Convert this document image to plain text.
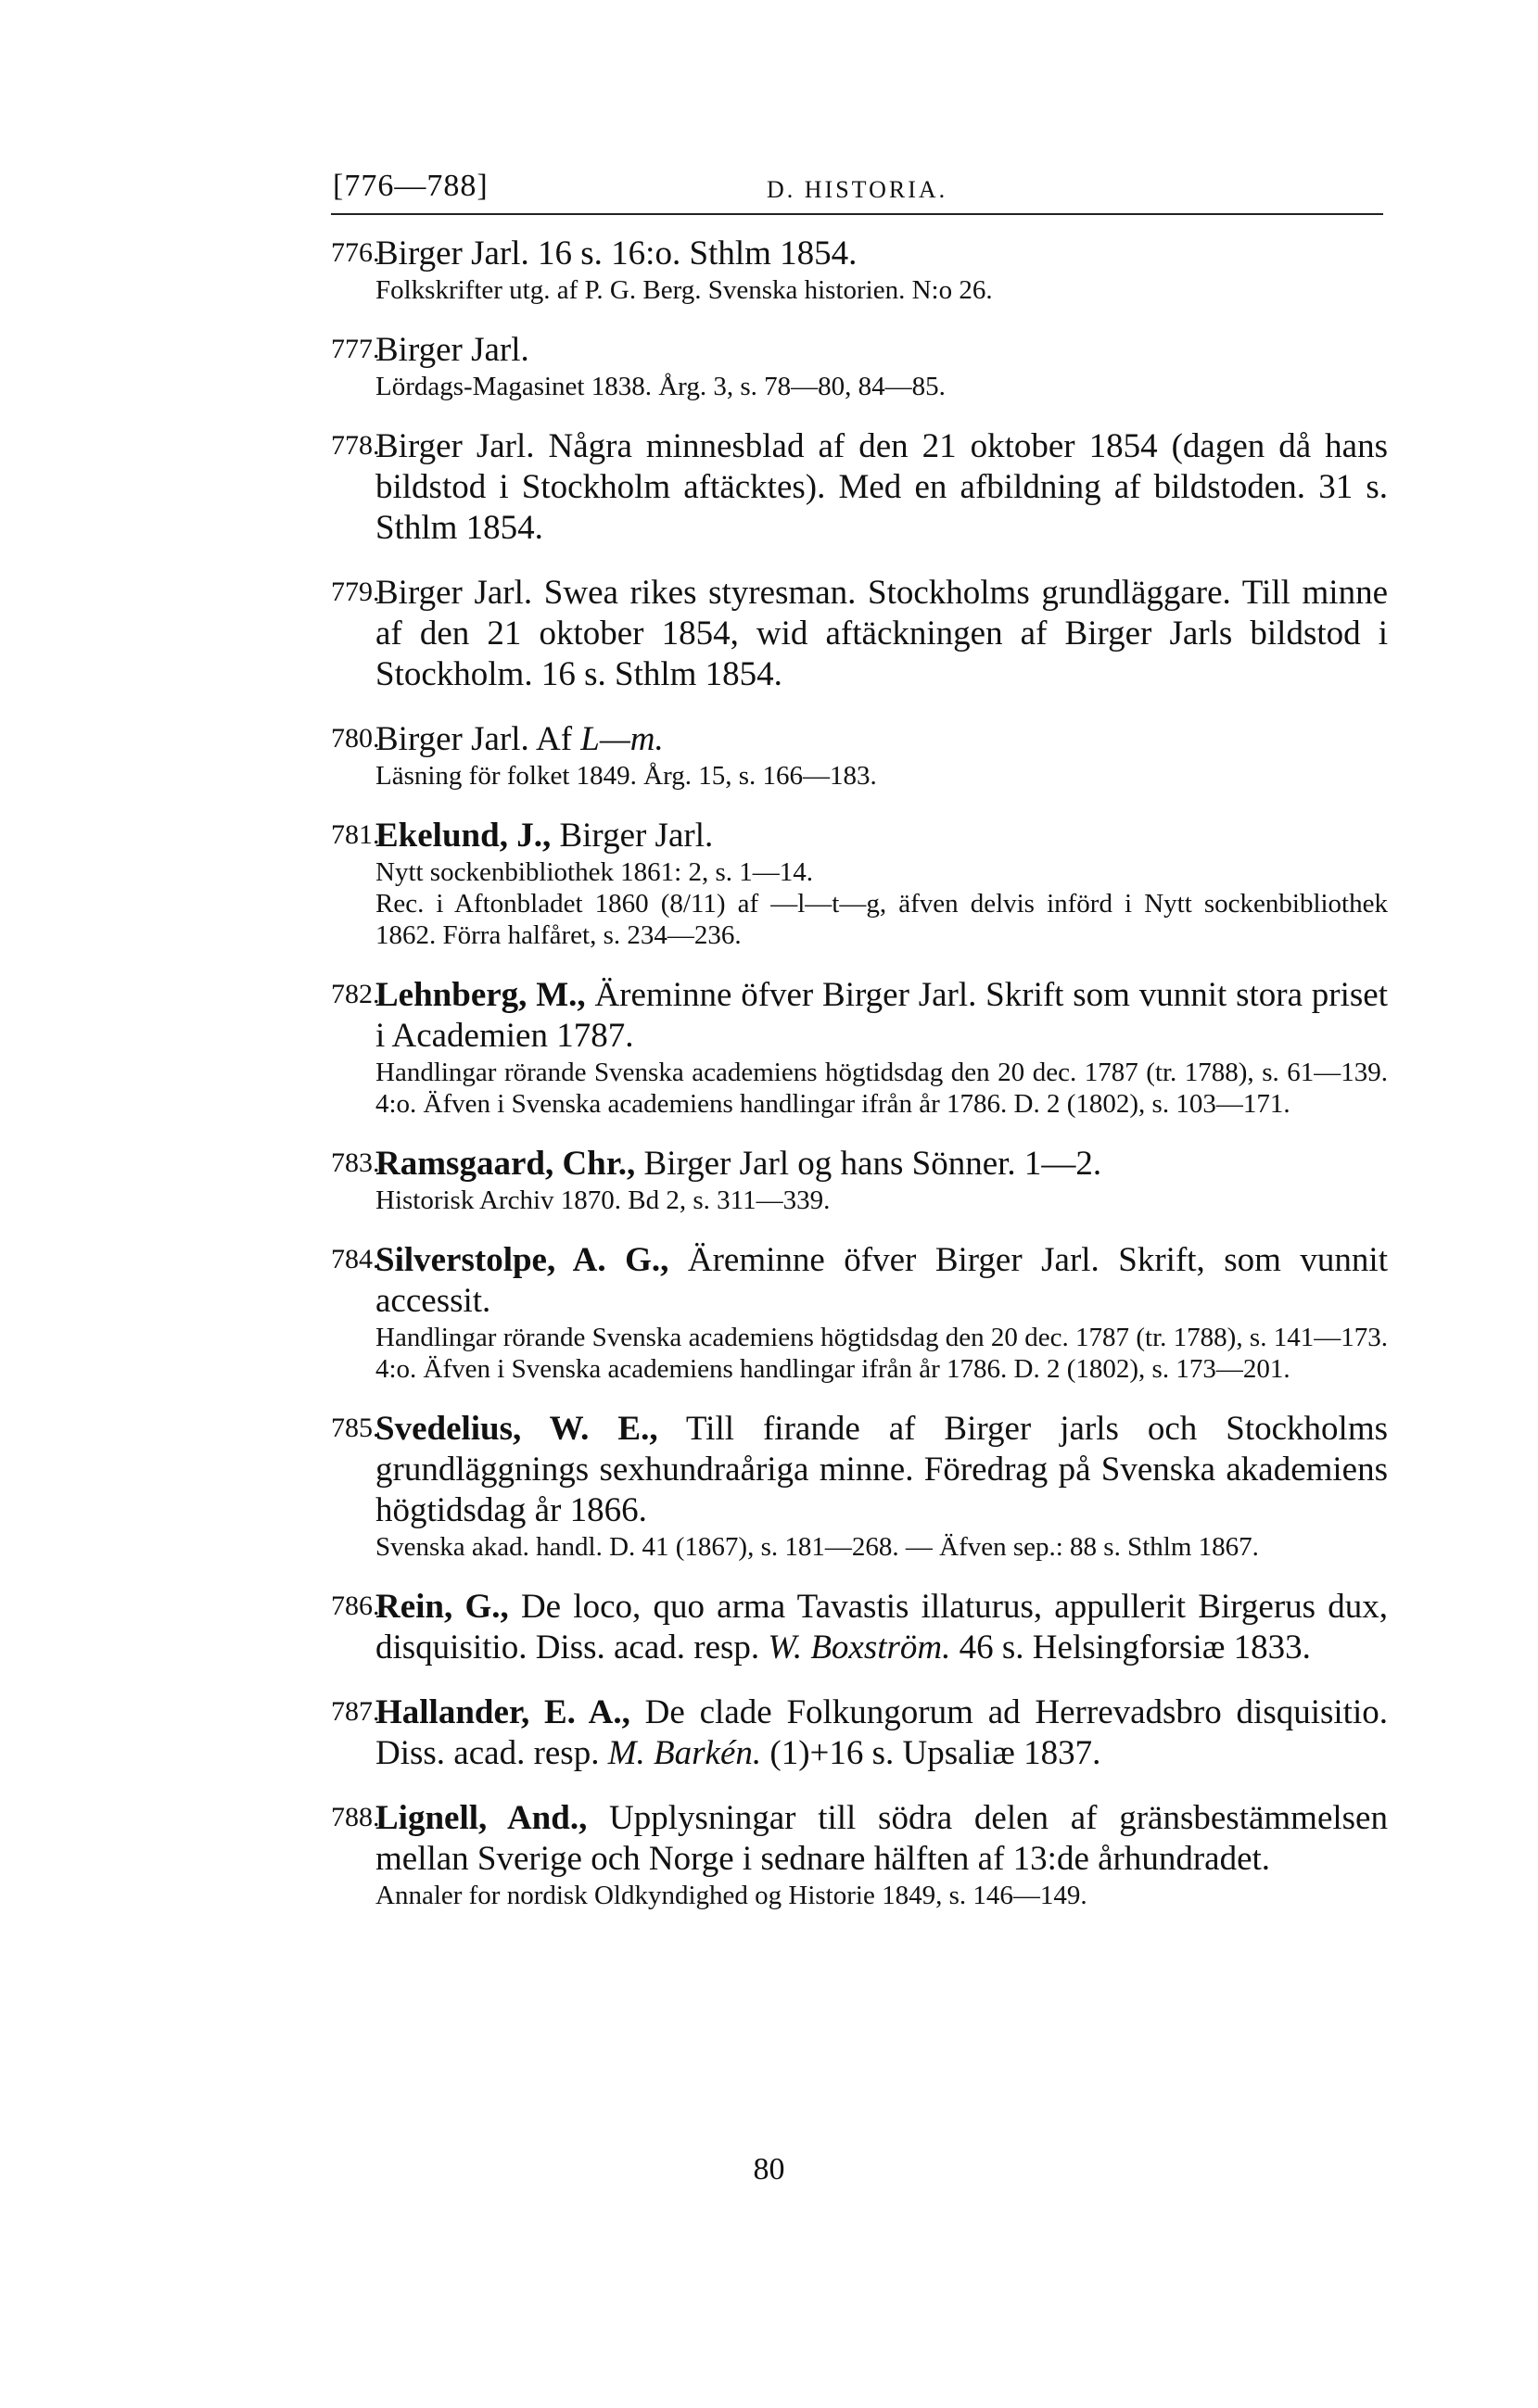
[776—788]	D. HISTORIA.
776.
Birger Jarl. 16 s. 16:o. Sthlm 1854.
Folkskrifter utg. af P. G. Berg. Svenska historien. N:o 26.
777.
Birger Jarl.
Lördags-Magasinet 1838. Årg. 3, s. 78—80, 84—85.
778.
Birger Jarl. Några minnesblad af den 21 oktober 1854 (dagen då hans bildstod i Stockholm aftäcktes). Med en afbildning af bildstoden. 31 s. Sthlm 1854.
779.
Birger Jarl. Swea rikes styresman. Stockholms grundläggare. Till minne af den 21 oktober 1854, wid aftäckningen af Birger Jarls bildstod i Stockholm. 16 s. Sthlm 1854.
780.
Birger Jarl. Af L—m.
Läsning för folket 1849. Årg. 15, s. 166—183.
781.
Ekelund, J., Birger Jarl.
Nytt sockenbibliothek 1861: 2, s. 1—14.
Rec. i Aftonbladet 1860 (8/11) af —l—t—g, äfven delvis införd i Nytt sockenbibliothek 1862. Förra halfåret, s. 234—236.
782.
Lehnberg, M., Äreminne öfver Birger Jarl. Skrift som vunnit stora priset i Academien 1787.
Handlingar rörande Svenska academiens högtidsdag den 20 dec. 1787 (tr. 1788), s. 61—139. 4:o. Äfven i Svenska academiens handlingar ifrån år 1786. D. 2 (1802), s. 103—171.
783.
Ramsgaard, Chr., Birger Jarl og hans Sönner. 1—2.
Historisk Archiv 1870. Bd 2, s. 311—339.
784.
Silverstolpe, A. G., Äreminne öfver Birger Jarl. Skrift, som vunnit accessit.
Handlingar rörande Svenska academiens högtidsdag den 20 dec. 1787 (tr. 1788), s. 141—173. 4:o. Äfven i Svenska academiens handlingar ifrån år 1786. D. 2 (1802), s. 173—201.
785.
Svedelius, W. E., Till firande af Birger jarls och Stockholms grundläggnings sexhundraåriga minne. Föredrag på Svenska akademiens högtidsdag år 1866.
Svenska akad. handl. D. 41 (1867), s. 181—268. — Äfven sep.: 88 s. Sthlm 1867.
786.
Rein, G., De loco, quo arma Tavastis illaturus, appullerit Birgerus dux, disquisitio. Diss. acad. resp. W. Boxström. 46 s. Helsingforsiæ 1833.
787.
Hallander, E. A., De clade Folkungorum ad Herrevadsbro disquisitio. Diss. acad. resp. M. Barkén. (1)+16 s. Upsaliæ 1837.
788.
Lignell, And., Upplysningar till södra delen af gränsbestämmelsen mellan Sverige och Norge i sednare hälften af 13:de århundradet.
Annaler for nordisk Oldkyndighed og Historie 1849, s. 146—149.
80
